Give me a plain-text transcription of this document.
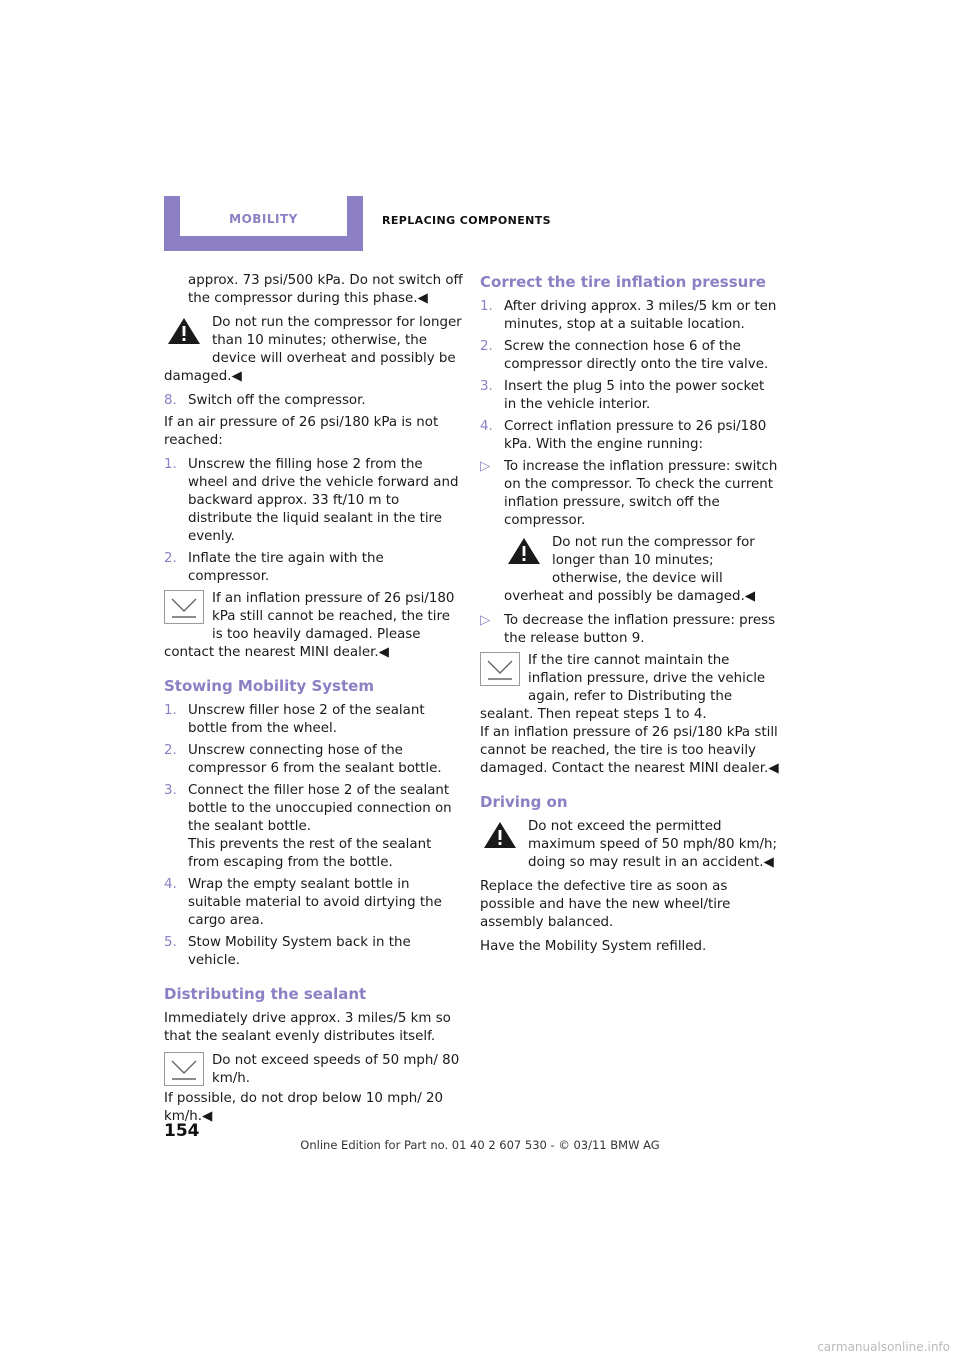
MOBILITY	REPLACING COMPONENTS

approx. 73 psi/500 kPa. Do not switch off the compressor during this phase.◀

Do not run the compressor for longer than 10 minutes; otherwise, the device will overheat and possibly be damaged.◀

8. Switch off the compressor.

If an air pressure of 26 psi/180 kPa is not reached:

1. Unscrew the filling hose 2 from the wheel and drive the vehicle forward and backward approx. 33 ft/10 m to distribute the liquid sealant in the tire evenly.
2. Inflate the tire again with the compressor.

If an inflation pressure of 26 psi/180 kPa still cannot be reached, the tire is too heavily damaged. Please contact the nearest MINI dealer.◀

Stowing Mobility System
1. Unscrew filler hose 2 of the sealant bottle from the wheel.
2. Unscrew connecting hose of the compressor 6 from the sealant bottle.
3. Connect the filler hose 2 of the sealant bottle to the unoccupied connection on the sealant bottle.
This prevents the rest of the sealant from escaping from the bottle.
4. Wrap the empty sealant bottle in suitable material to avoid dirtying the cargo area.
5. Stow Mobility System back in the vehicle.
Distributing the sealant

Immediately drive approx. 3 miles/5 km so that the sealant evenly distributes itself.

Do not exceed speeds of 50 mph/ 80 km/h.

If possible, do not drop below 10 mph/ 20 km/h.◀

Correct the tire inflation pressure
1. After driving approx. 3 miles/5 km or ten minutes, stop at a suitable location.
2. Screw the connection hose 6 of the compressor directly onto the tire valve.
3. Insert the plug 5 into the power socket in the vehicle interior.
4. Correct inflation pressure to 26 psi/180 kPa. With the engine running:
▷	To increase the inflation pressure: switch on the compressor. To check the current inflation pressure, switch off the compressor.

Do not run the compressor for longer than 10 minutes; otherwise, the device will overheat and possibly be damaged.◀

▷	To decrease the inflation pressure: press the release button 9.

If the tire cannot maintain the inflation pressure, drive the vehicle again, refer to Distributing the sealant. Then repeat steps 1 to 4.

If an inflation pressure of 26 psi/180 kPa still cannot be reached, the tire is too heavily damaged. Contact the nearest MINI dealer.◀

Driving on

Do not exceed the permitted maximum speed of 50 mph/80 km/h; doing so may result in an accident.◀

Replace the defective tire as soon as possible and have the new wheel/tire assembly balanced.

Have the Mobility System refilled.

154
Online Edition for Part no. 01 40 2 607 530 - © 03/11 BMW AG
carmanualsonline.info
